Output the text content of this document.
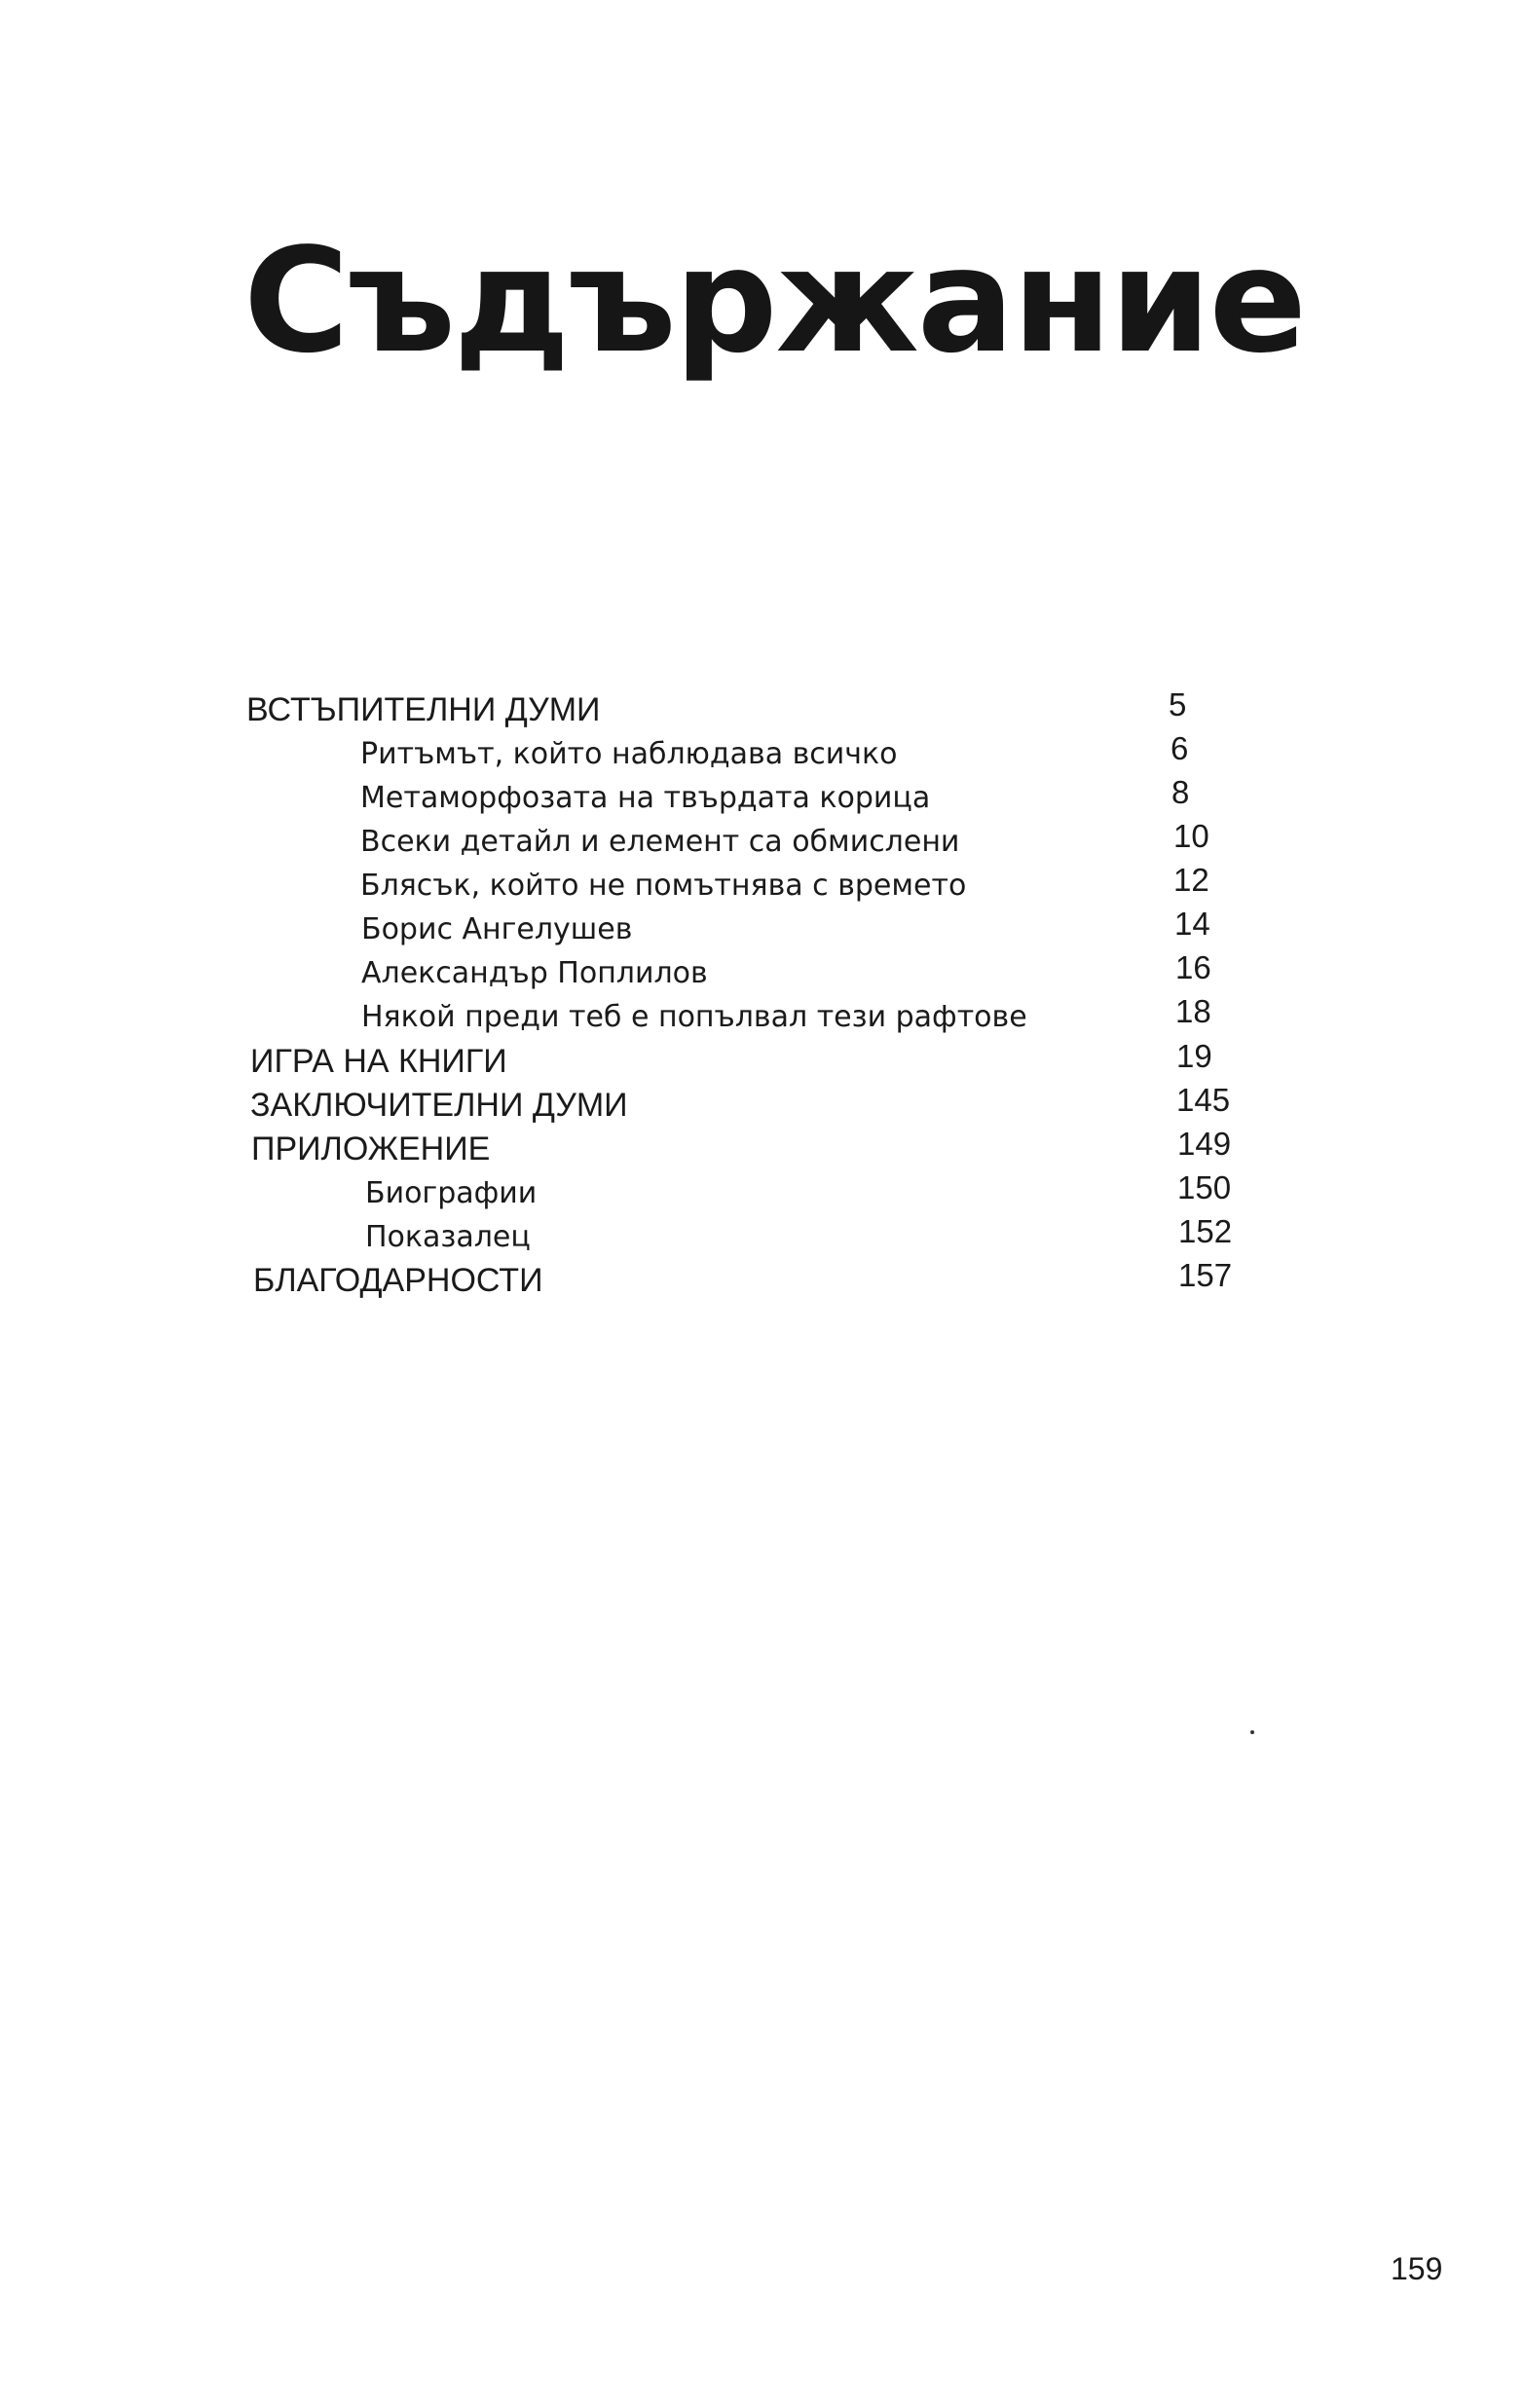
Съдържание
ВСТЪПИТЕЛНИ ДУМИ	5
Ритъмът, който наблюдава всичко	6
Метаморфозата на твърдата корица	8
Всеки детайл и елемент са обмислени	10
Блясък, който не помътнява с времето	12
Борис Ангелушев	14
Александър Поплилов	16
Някой преди теб е попълвал тези рафтове	18
ИГРА НА КНИГИ	19
ЗАКЛЮЧИТЕЛНИ ДУМИ	145
ПРИЛОЖЕНИЕ	149
Биографии	150
Показалец	152
БЛАГОДАРНОСТИ	157
159
